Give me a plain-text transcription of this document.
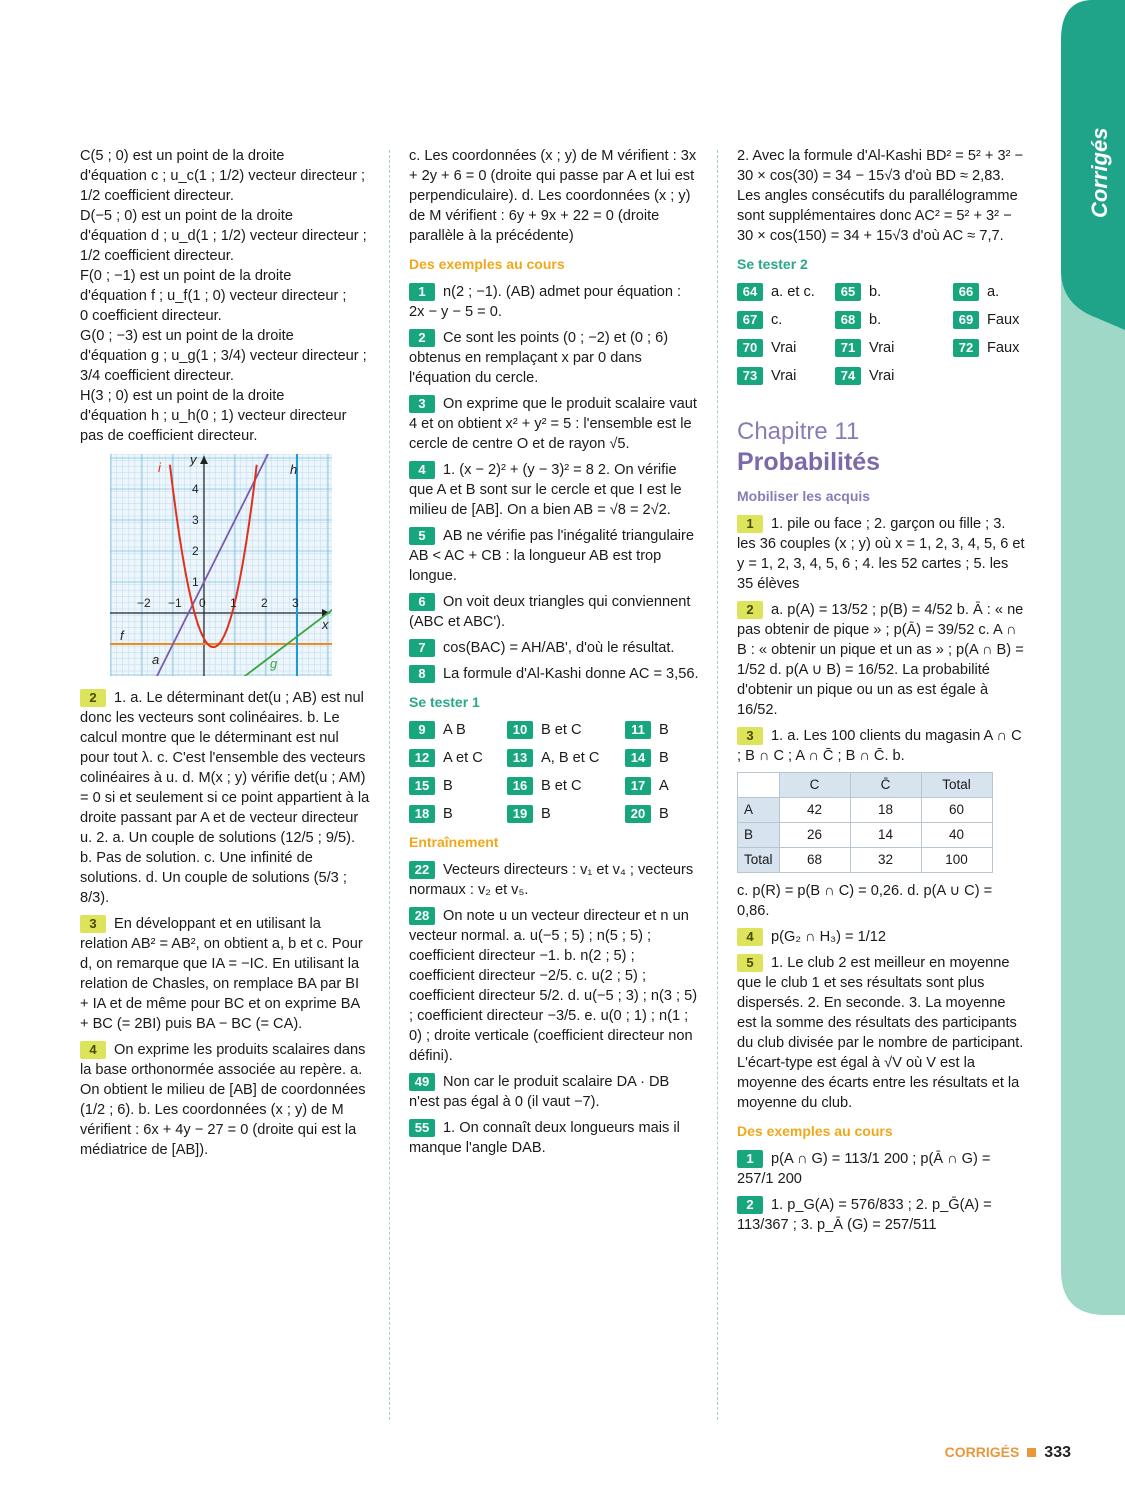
Corrigés
C(5 ; 0) est un point de la droite
d'équation c ; u_c(1 ; 1/2) vecteur directeur ;
1/2 coefficient directeur.
D(−5 ; 0) est un point de la droite
d'équation d ; u_d(1 ; 1/2) vecteur directeur ;
1/2 coefficient directeur.
F(0 ; −1) est un point de la droite
d'équation f ; u_f(1 ; 0) vecteur directeur ;
0 coefficient directeur.
G(0 ; −3) est un point de la droite
d'équation g ; u_g(1 ; 3/4) vecteur directeur ;
3/4 coefficient directeur.
H(3 ; 0) est un point de la droite
d'équation h ; u_h(0 ; 1) vecteur directeur
pas de coefficient directeur.
−2 −1 0 1 2 3
1
2
3
4
x
y
i	h
f
a	g

2 1. a. Le déterminant det(u ; AB) est nul donc les vecteurs sont colinéaires. b. Le calcul montre que le déterminant est nul pour tout λ. c. C'est l'ensemble des vecteurs colinéaires à u. d. M(x ; y) vérifie det(u ; AM) = 0 si et seulement si ce point appartient à la droite passant par A et de vecteur directeur u. 2. a. Un couple de solutions (12/5 ; 9/5). b. Pas de solution. c. Une infinité de solutions. d. Un couple de solutions (5/3 ; 8/3).

3 En développant et en utilisant la relation AB² = AB², on obtient a, b et c. Pour d, on remarque que IA = −IC. En utilisant la relation de Chasles, on remplace BA par BI + IA et de même pour BC et on exprime BA + BC (= 2BI) puis BA − BC (= CA).

4 On exprime les produits scalaires dans la base orthonormée associée au repère. a. On obtient le milieu de [AB] de coordonnées (1/2 ; 6). b. Les coordonnées (x ; y) de M vérifient : 6x + 4y − 27 = 0 (droite qui est la médiatrice de [AB]).

c. Les coordonnées (x ; y) de M vérifient : 3x + 2y + 6 = 0 (droite qui passe par A et lui est perpendiculaire). d. Les coordonnées (x ; y) de M vérifient : 6y + 9x + 22 = 0 (droite parallèle à la précédente)

Des exemples au cours

1 n(2 ; −1). (AB) admet pour équation : 2x − y − 5 = 0.

2 Ce sont les points (0 ; −2) et (0 ; 6) obtenus en remplaçant x par 0 dans l'équation du cercle.

3 On exprime que le produit scalaire vaut 4 et on obtient x² + y² = 5 : l'ensemble est le cercle de centre O et de rayon √5.

4 1. (x − 2)² + (y − 3)² = 8 2. On vérifie que A et B sont sur le cercle et que I est le milieu de [AB]. On a bien AB = √8 = 2√2.

5 AB ne vérifie pas l'inégalité triangulaire AB < AC + CB : la longueur AB est trop longue.

6 On voit deux triangles qui conviennent (ABC et ABC').

7 cos(BAC) = AH/AB', d'où le résultat.

8 La formule d'Al-Kashi donne AC = 3,56.

Se tester 1
9	A B	10 B et C	11 B
12 A et C	13 A, B et C	14 B
15 B	16 B et C	17 A
18 B	19 B	20 B
Entraînement

22 Vecteurs directeurs : v₁ et v₄ ; vecteurs normaux : v₂ et v₅.

28 On note u un vecteur directeur et n un vecteur normal. a. u(−5 ; 5) ; n(5 ; 5) ; coefficient directeur −1. b. n(2 ; 5) ; coefficient directeur −2/5. c. u(2 ; 5) ; coefficient directeur 5/2. d. u(−5 ; 3) ; n(3 ; 5) ; coefficient directeur −3/5. e. u(0 ; 1) ; n(1 ; 0) ; droite verticale (coefficient directeur non défini).

49 Non car le produit scalaire DA · DB n'est pas égal à 0 (il vaut −7).

55 1. On connaît deux longueurs mais il manque l'angle DAB.

2. Avec la formule d'Al-Kashi BD² = 5² + 3² − 30 × cos(30) = 34 − 15√3 d'où BD ≈ 2,83. Les angles consécutifs du parallélogramme sont supplémentaires donc AC² = 5² + 3² − 30 × cos(150) = 34 + 15√3 d'où AC ≈ 7,7.

Se tester 2
64 a. et c.	65 b.	66 a.
67 c.	68 b.	69 Faux
70 Vrai	71 Vrai	72 Faux
73 Vrai	74 Vrai
Chapitre 11
Probabilités
Mobiliser les acquis

1 1. pile ou face ; 2. garçon ou fille ; 3. les 36 couples (x ; y) où x = 1, 2, 3, 4, 5, 6 et y = 1, 2, 3, 4, 5, 6 ; 4. les 52 cartes ; 5. les 35 élèves

2 a. p(A) = 13/52 ; p(B) = 4/52 b. Ā : « ne pas obtenir de pique » ; p(Ā) = 39/52 c. A ∩ B : « obtenir un pique et un as » ; p(A ∩ B) = 1/52 d. p(A ∪ B) = 16/52. La probabilité d'obtenir un pique ou un as est égale à 16/52.

3 1. a. Les 100 clients du magasin A ∩ C ; B ∩ C ; A ∩ C̄ ; B ∩ C̄. b.

	C	C̄	Total
A	42	18	60
B	26	14	40
Total	68	32	100

c. p(R) = p(B ∩ C) = 0,26. d. p(A ∪ C) = 0,86.

4 p(G₂ ∩ H₃) = 1/12

5 1. Le club 2 est meilleur en moyenne que le club 1 et ses résultats sont plus dispersés. 2. En seconde. 3. La moyenne est la somme des résultats des participants du club divisée par le nombre de participant. L'écart-type est égal à √V où V est la moyenne des écarts entre les résultats et la moyenne du club.

Des exemples au cours

1 p(A ∩ G) = 113/1 200 ; p(Ā ∩ G) = 257/1 200

2 1. p_G(A) = 576/833 ; 2. p_Ḡ(A) = 113/367 ; 3. p_Ā (G) = 257/511

CORRIGÉS 333
